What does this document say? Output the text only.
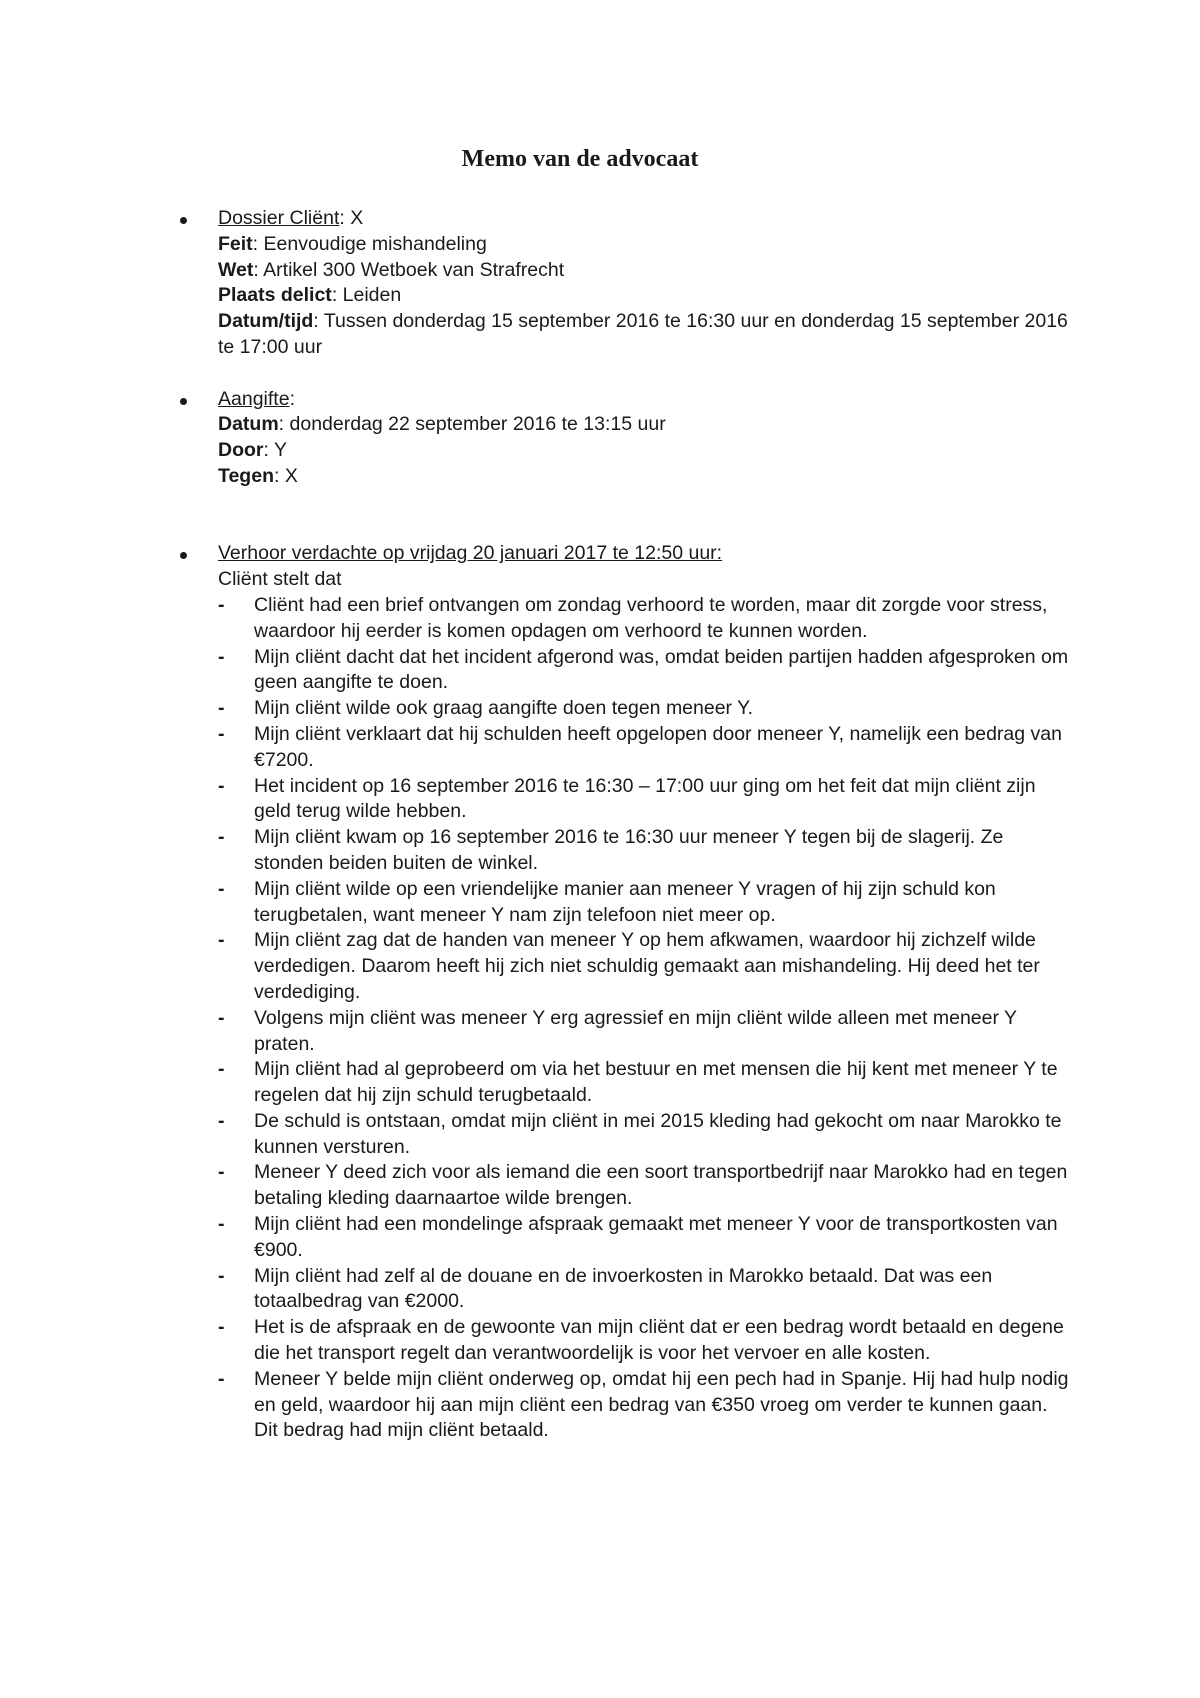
Memo van de advocaat
Dossier Cliënt: X
Feit: Eenvoudige mishandeling
Wet: Artikel 300 Wetboek van Strafrecht
Plaats delict: Leiden
Datum/tijd: Tussen donderdag 15 september 2016 te 16:30 uur en donderdag 15 september 2016 te 17:00 uur
Aangifte:
Datum: donderdag 22 september 2016 te 13:15 uur
Door: Y
Tegen: X
Verhoor verdachte op vrijdag 20 januari 2017 te 12:50 uur:
Cliënt stelt dat
- Cliënt had een brief ontvangen om zondag verhoord te worden, maar dit zorgde voor stress, waardoor hij eerder is komen opdagen om verhoord te kunnen worden.
- Mijn cliënt dacht dat het incident afgerond was, omdat beiden partijen hadden afgesproken om geen aangifte te doen.
- Mijn cliënt wilde ook graag aangifte doen tegen meneer Y.
- Mijn cliënt verklaart dat hij schulden heeft opgelopen door meneer Y, namelijk een bedrag van €7200.
- Het incident op 16 september 2016 te 16:30 – 17:00 uur ging om het feit dat mijn cliënt zijn geld terug wilde hebben.
- Mijn cliënt kwam op 16 september 2016 te 16:30 uur meneer Y tegen bij de slagerij. Ze stonden beiden buiten de winkel.
- Mijn cliënt wilde op een vriendelijke manier aan meneer Y vragen of hij zijn schuld kon terugbetalen, want meneer Y nam zijn telefoon niet meer op.
- Mijn cliënt zag dat de handen van meneer Y op hem afkwamen, waardoor hij zichzelf wilde verdedigen. Daarom heeft hij zich niet schuldig gemaakt aan mishandeling. Hij deed het ter verdediging.
- Volgens mijn cliënt was meneer Y erg agressief en mijn cliënt wilde alleen met meneer Y praten.
- Mijn cliënt had al geprobeerd om via het bestuur en met mensen die hij kent met meneer Y te regelen dat hij zijn schuld terugbetaald.
- De schuld is ontstaan, omdat mijn cliënt in mei 2015 kleding had gekocht om naar Marokko te kunnen versturen.
- Meneer Y deed zich voor als iemand die een soort transportbedrijf naar Marokko had en tegen betaling kleding daarnaartoe wilde brengen.
- Mijn cliënt had een mondelinge afspraak gemaakt met meneer Y voor de transportkosten van €900.
- Mijn cliënt had zelf al de douane en de invoerkosten in Marokko betaald. Dat was een totaalbedrag van €2000.
- Het is de afspraak en de gewoonte van mijn cliënt dat er een bedrag wordt betaald en degene die het transport regelt dan verantwoordelijk is voor het vervoer en alle kosten.
- Meneer Y belde mijn cliënt onderweg op, omdat hij een pech had in Spanje. Hij had hulp nodig en geld, waardoor hij aan mijn cliënt een bedrag van €350 vroeg om verder te kunnen gaan. Dit bedrag had mijn cliënt betaald.
